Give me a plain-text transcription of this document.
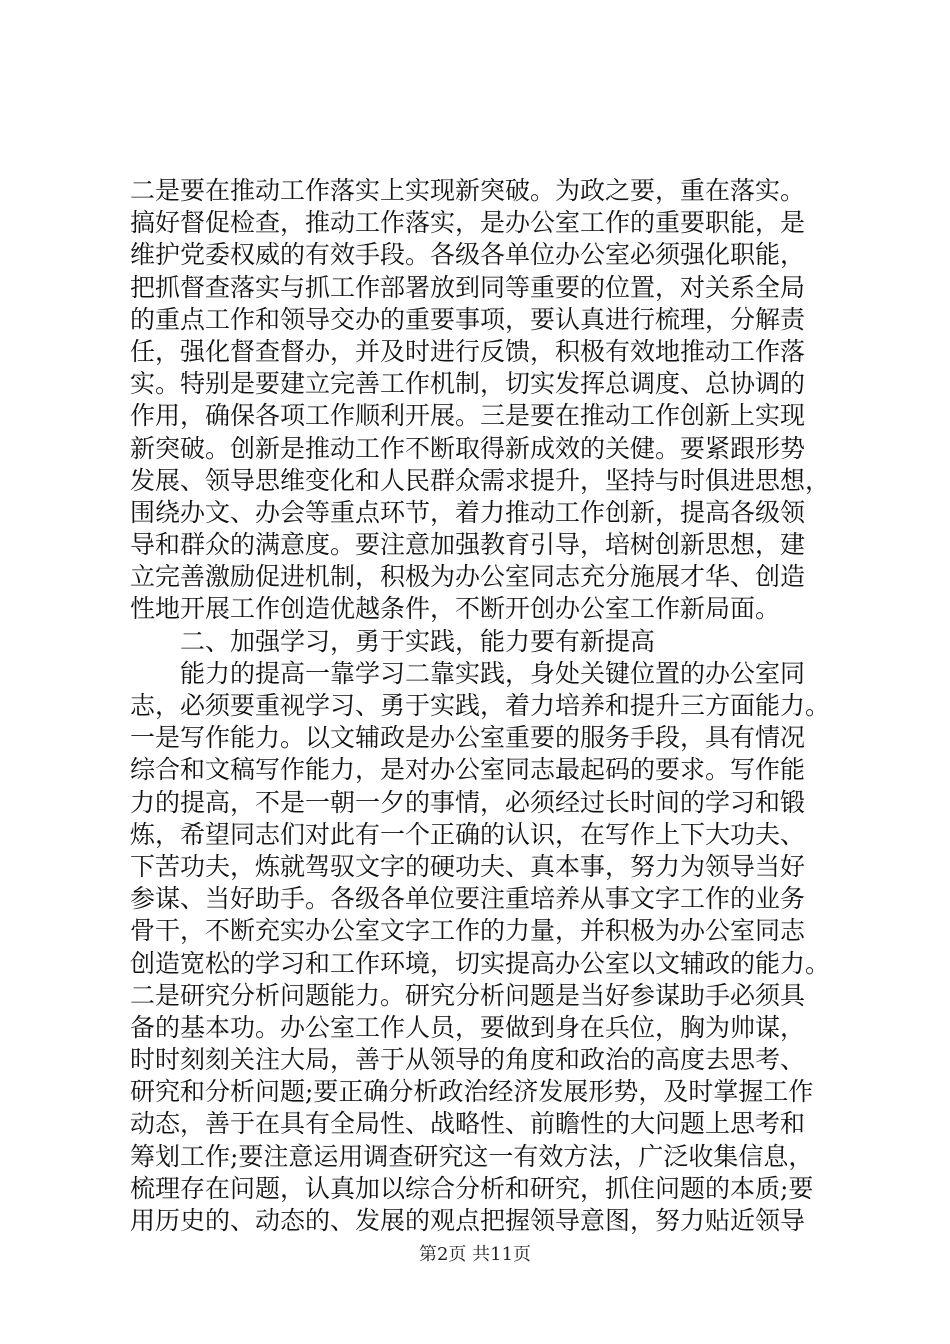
二是要在推动工作落实上实现新突破。为政之要，重在落实。
搞好督促检查，推动工作落实，是办公室工作的重要职能，是
维护党委权威的有效手段。各级各单位办公室必须强化职能，
把抓督查落实与抓工作部署放到同等重要的位置，对关系全局
的重点工作和领导交办的重要事项，要认真进行梳理，分解责
任，强化督查督办，并及时进行反馈，积极有效地推动工作落
实。特别是要建立完善工作机制，切实发挥总调度、总协调的
作用，确保各项工作顺利开展。三是要在推动工作创新上实现
新突破。创新是推动工作不断取得新成效的关健。要紧跟形势
发展、领导思维变化和人民群众需求提升，坚持与时俱进思想，
围绕办文、办会等重点环节，着力推动工作创新，提高各级领
导和群众的满意度。要注意加强教育引导，培树创新思想，建
立完善激励促进机制，积极为办公室同志充分施展才华、创造
性地开展工作创造优越条件，不断开创办公室工作新局面。
二、加强学习，勇于实践，能力要有新提高
能力的提高一靠学习二靠实践，身处关键位置的办公室同
志，必须要重视学习、勇于实践，着力培养和提升三方面能力。
一是写作能力。以文辅政是办公室重要的服务手段，具有情况
综合和文稿写作能力，是对办公室同志最起码的要求。写作能
力的提高，不是一朝一夕的事情，必须经过长时间的学习和锻
炼，希望同志们对此有一个正确的认识，在写作上下大功夫、
下苦功夫，炼就驾驭文字的硬功夫、真本事，努力为领导当好
参谋、当好助手。各级各单位要注重培养从事文字工作的业务
骨干，不断充实办公室文字工作的力量，并积极为办公室同志
创造宽松的学习和工作环境，切实提高办公室以文辅政的能力。
二是研究分析问题能力。研究分析问题是当好参谋助手必须具
备的基本功。办公室工作人员，要做到身在兵位，胸为帅谋，
时时刻刻关注大局，善于从领导的角度和政治的高度去思考、
研究和分析问题;要正确分析政治经济发展形势，及时掌握工作
动态，善于在具有全局性、战略性、前瞻性的大问题上思考和
筹划工作;要注意运用调查研究这一有效方法，广泛收集信息，
梳理存在问题，认真加以综合分析和研究，抓住问题的本质;要
用历史的、动态的、发展的观点把握领导意图，努力贴近领导
第2页 共11页
